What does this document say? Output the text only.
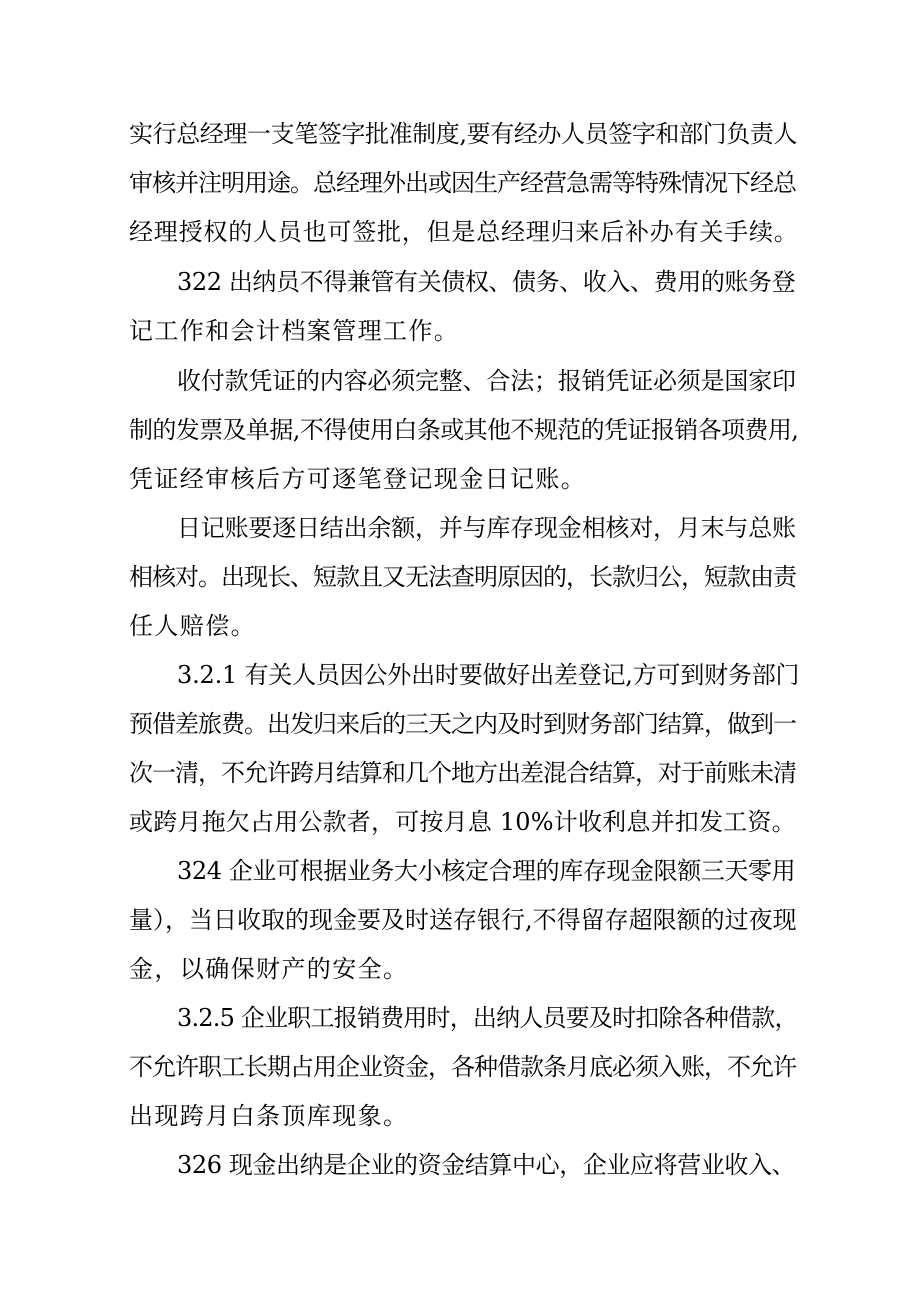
实行总经理一支笔签字批准制度,要有经办人员签字和部门负责人
审核并注明用途。总经理外出或因生产经营急需等特殊情况下经总
经理授权的人员也可签批，但是总经理归来后补办有关手续。
322 出纳员不得兼管有关债权、债务、收入、费用的账务登
记工作和会计档案管理工作。
收付款凭证的内容必须完整、合法；报销凭证必须是国家印
制的发票及单据,不得使用白条或其他不规范的凭证报销各项费用,
凭证经审核后方可逐笔登记现金日记账。
日记账要逐日结出余额，并与库存现金相核对，月末与总账
相核对。出现长、短款且又无法查明原因的，长款归公，短款由责
任人赔偿。
3.2.1 有关人员因公外出时要做好出差登记,方可到财务部门
预借差旅费。出发归来后的三天之内及时到财务部门结算，做到一
次一清，不允许跨月结算和几个地方出差混合结算，对于前账未清
或跨月拖欠占用公款者，可按月息 10%计收利息并扣发工资。
324 企业可根据业务大小核定合理的库存现金限额三天零用
量），当日收取的现金要及时送存银行,不得留存超限额的过夜现
金，以确保财产的安全。
3.2.5 企业职工报销费用时，出纳人员要及时扣除各种借款，
不允许职工长期占用企业资金，各种借款条月底必须入账，不允许
出现跨月白条顶库现象。
326 现金出纳是企业的资金结算中心，企业应将营业收入、
